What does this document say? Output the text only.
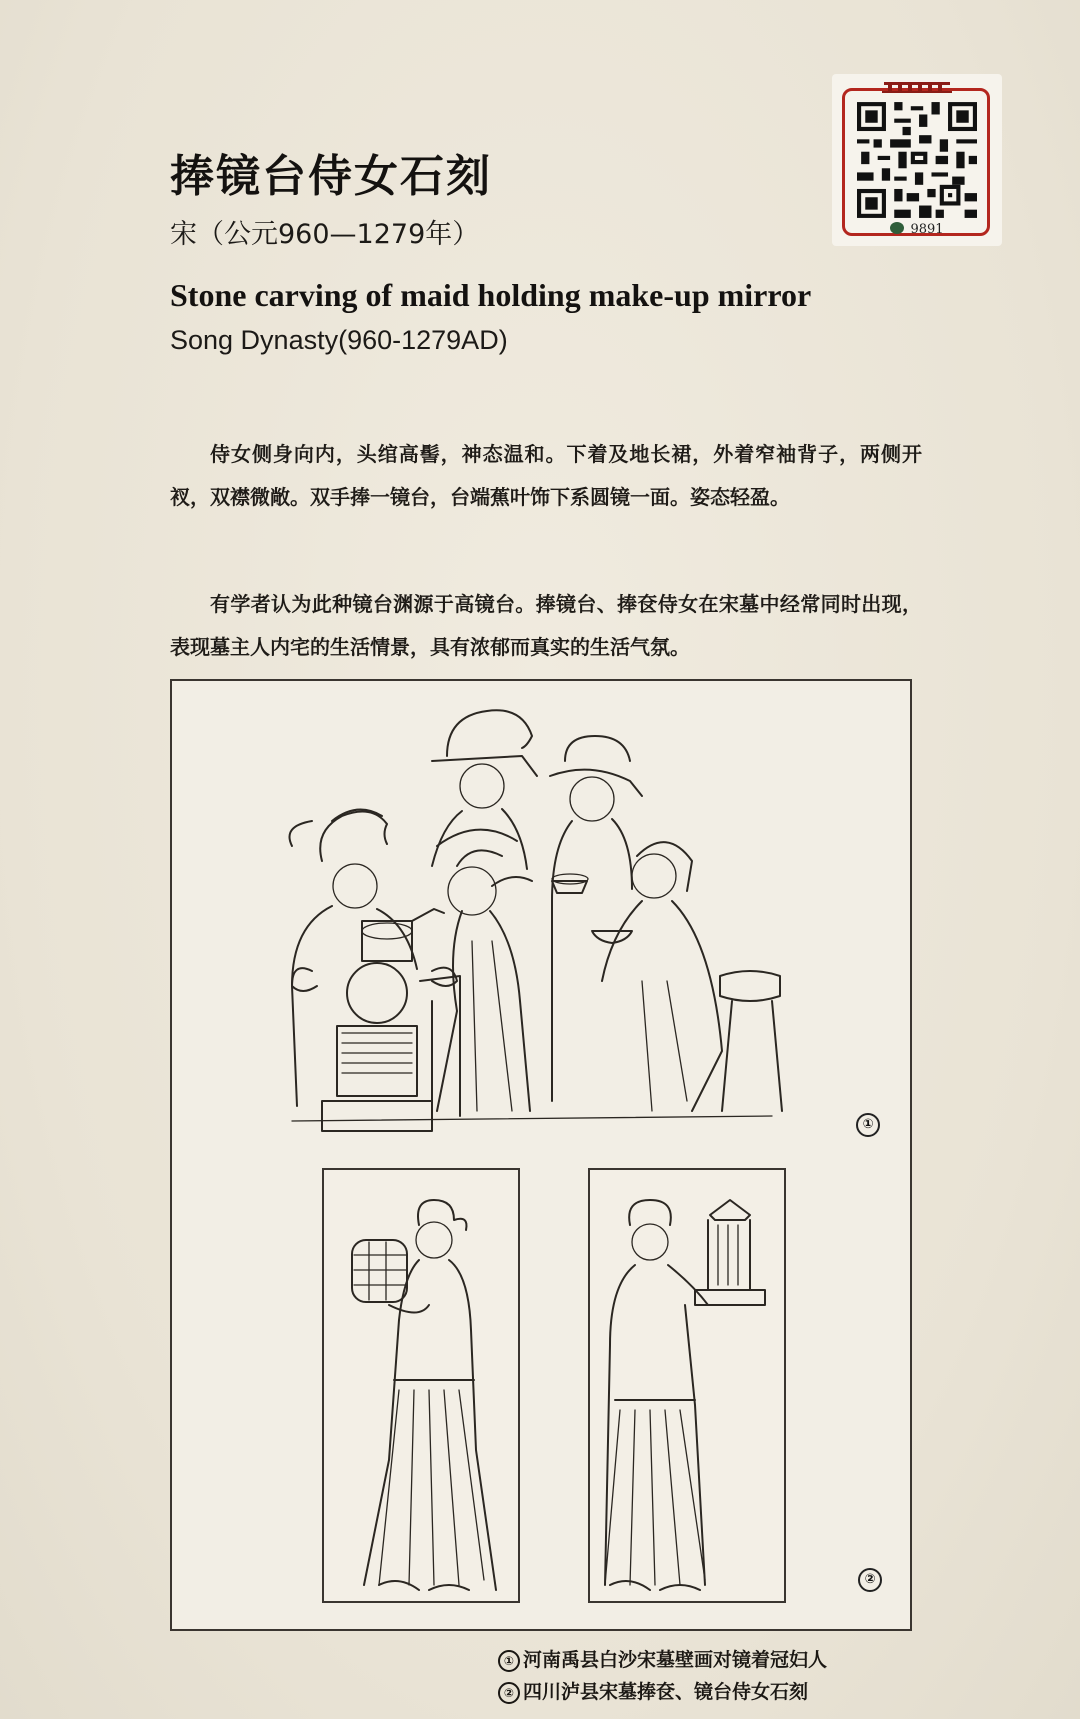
捧镜台侍女石刻
宋（公元960—1279年）
Stone carving of maid holding make-up mirror
Song Dynasty(960-1279AD)
9891

侍女侧身向内，头绾高髻，神态温和。下着及地长裙，外着窄袖背子，两侧开衩，双襟微敞。双手捧一镜台，台端蕉叶饰下系圆镜一面。姿态轻盈。

有学者认为此种镜台渊源于高镜台。捧镜台、捧奁侍女在宋墓中经常同时出现，表现墓主人内宅的生活情景，具有浓郁而真实的生活气氛。

①
②
① 河南禹县白沙宋墓壁画对镜着冠妇人
② 四川泸县宋墓捧奁、镜台侍女石刻
